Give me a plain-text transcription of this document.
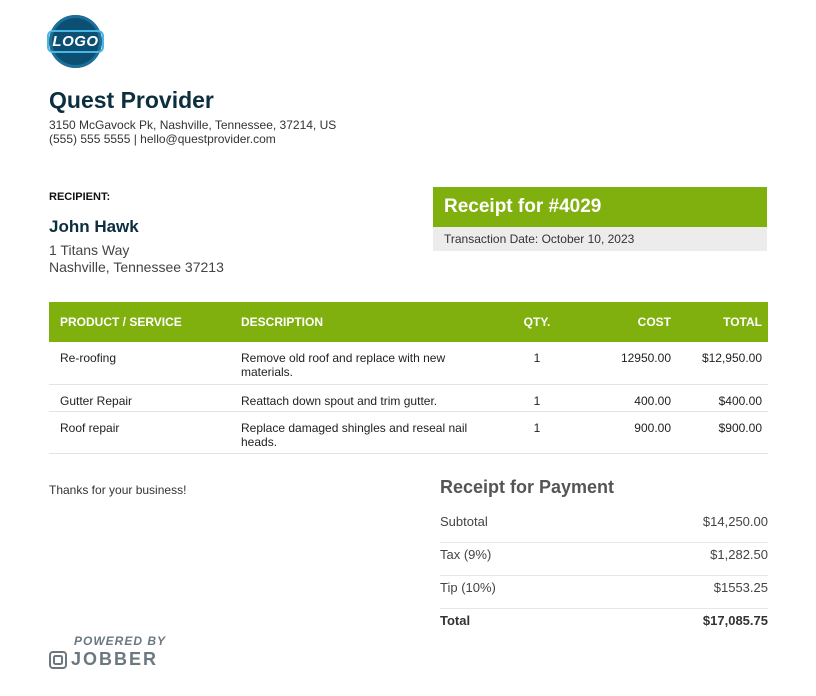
LOGO
Quest Provider
3150 McGavock Pk, Nashville, Tennessee, 37214, US
(555) 555 5555 | hello@questprovider.com
RECIPIENT:
John Hawk
1 Titans Way
Nashville, Tennessee 37213
Receipt for #4029
Transaction Date: October 10, 2023
PRODUCT / SERVICE	DESCRIPTION	QTY.	COST	TOTAL
Re-roofing	Remove old roof and replace with new materials.	1	12950.00	$12,950.00
Gutter Repair	Reattach down spout and trim gutter.	1	400.00	$400.00
Roof repair	Replace damaged shingles and reseal nail heads.	1	900.00	$900.00
Thanks for your business!	Receipt for Payment
Subtotal	$14,250.00
Tax (9%)	$1,282.50
Tip (10%)	$1553.25
Total	$17,085.75
POWERED BY
JOBBER
